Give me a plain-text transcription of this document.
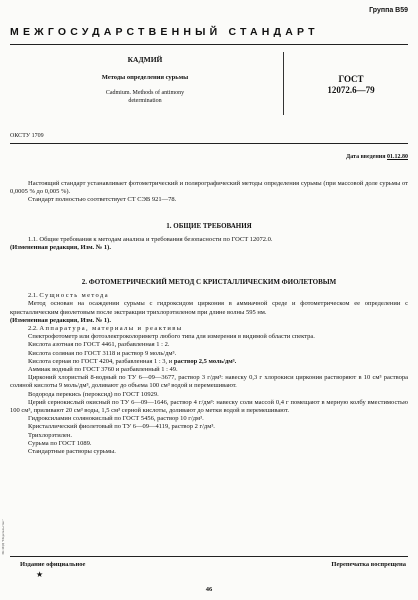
Группа В59
МЕЖГОСУДАРСТВЕННЫЙ СТАНДАРТ
КАДМИЙ
Методы определения сурьмы
Cadmium. Methods of antimony
determination
ГОСТ
12072.6—79
ОКСТУ 1709
Дата введения 01.12.80

Настоящий стандарт устанавливает фотометрический и полярографический методы определения сурьмы (при массовой доле сурьмы от 0,0005 % до 0,005 %).

Стандарт полностью соответствует СТ СЭВ 921—78.

1. ОБЩИЕ ТРЕБОВАНИЯ

1.1. Общие требования к методам анализа и требования безопасности по ГОСТ 12072.0.

(Измененная редакция, Изм. № 1).

2. ФОТОМЕТРИЧЕСКИЙ МЕТОД С КРИСТАЛЛИЧЕСКИМ ФИОЛЕТОВЫМ

2.1. Сущность метода

Метод основан на осаждении сурьмы с гидроксидом циркония в аммиачной среде и фотометрическом ее определении с кристаллическим фиолетовым после экстракции трихлорэтиленом при длине волны 595 нм.

(Измененная редакция, Изм. № 1).

2.2. Аппаратура, материалы и реактивы

Спектрофотометр или фотоэлектроколориметр любого типа для измерения в видимой области спектра.

Кислота азотная по ГОСТ 4461, разбавленная 1 : 2.

Кислота соляная по ГОСТ 3118 и раствор 9 моль/дм³.

Кислота серная по ГОСТ 4204, разбавленная 1 : 3, и раствор 2,5 моль/дм³.

Аммиак водный по ГОСТ 3760 и разбавленный 1 : 49.

Цирконий хлористый 8-водный по ТУ 6—09—3677, раствор 3 г/дм³: навеску 0,3 г хлорокиси циркония растворяют в 10 см³ раствора соляной кислоты 9 моль/дм³, доливают до объема 100 см³ водой и перемешивают.

Водорода перекись (пероксид) по ГОСТ 10929.

Церий сернокислый окисный по ТУ 6—09—1646, раствор 4 г/дм³: навеску соли массой 0,4 г помещают в мерную колбу вместимостью 100 см³, приливают 20 см³ воды, 1,5 см³ серной кислоты, доливают до метки водой и перемешивают.

Гидроксиламин солянокислый по ГОСТ 5456, раствор 10 г/дм³.

Кристаллический фиолетовый по ТУ 6—09—4119, раствор 2 г/дм³.

Трихлорэтилен.

Сурьма по ГОСТ 1089.

Стандартные растворы сурьмы.

Издание официальное	Перепечатка воспрещена
★
46
ЭК ИЗД "Издательство"
